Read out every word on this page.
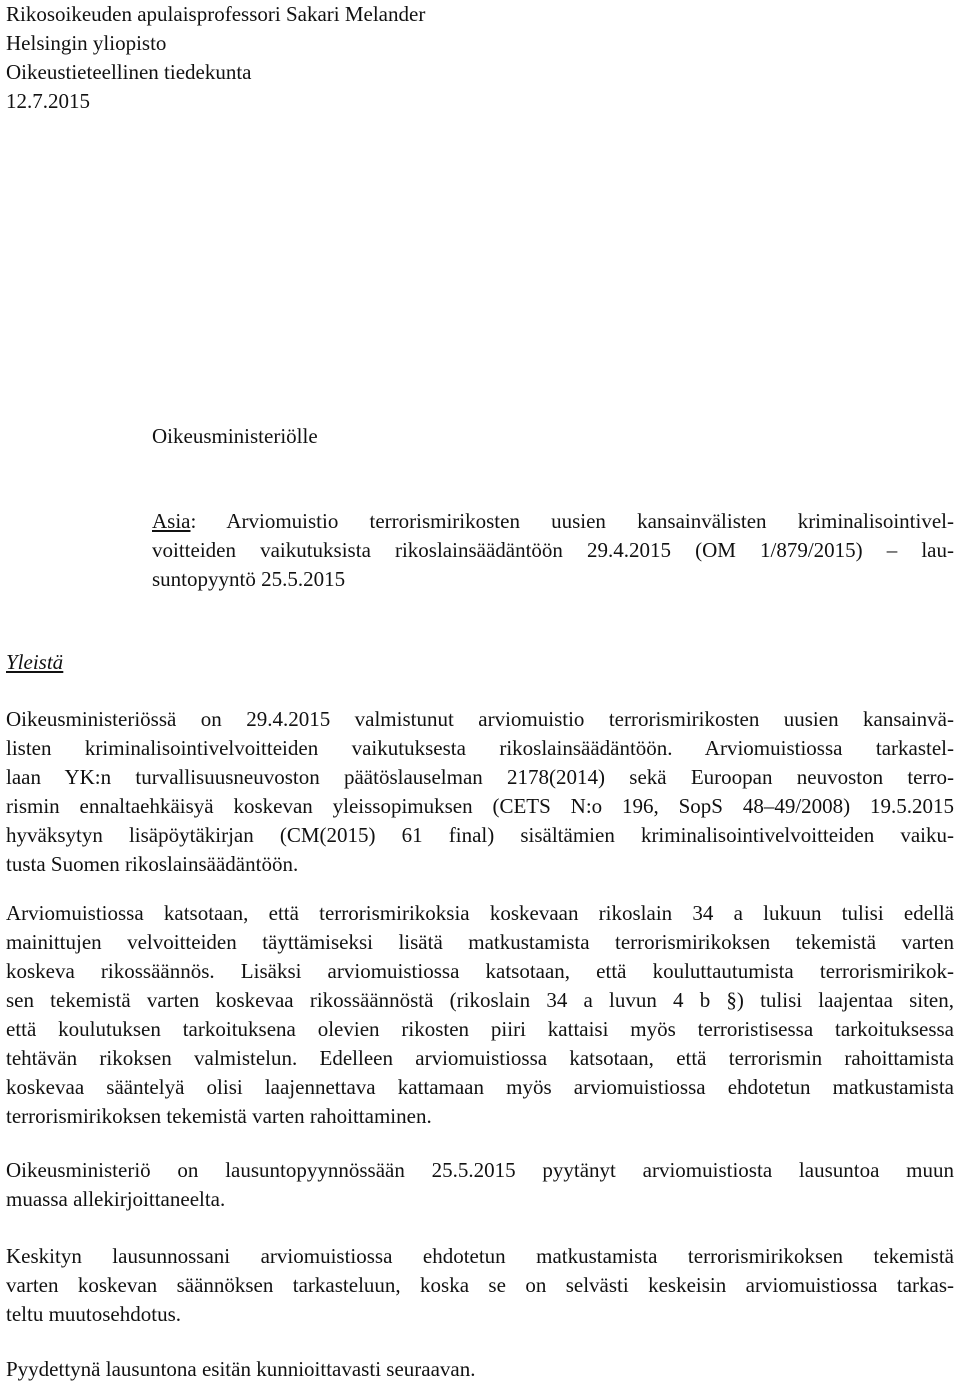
Rikosoikeuden apulaisprofessori Sakari Melander
Helsingin yliopisto
Oikeustieteellinen tiedekunta
12.7.2015
Oikeusministeriölle
Asia: Arviomuistio terrorismirikosten uusien kansainvälisten kriminalisointivel-
voitteiden vaikutuksista rikoslainsäädäntöön 29.4.2015 (OM 1/879/2015) – lau-
suntopyyntö 25.5.2015
Yleistä
Oikeusministeriössä on 29.4.2015 valmistunut arviomuistio terrorismirikosten uusien kansainvä-
listen kriminalisointivelvoitteiden vaikutuksesta rikoslainsäädäntöön. Arviomuistiossa tarkastel-
laan YK:n turvallisuusneuvoston päätöslauselman 2178(2014) sekä Euroopan neuvoston terro-
rismin ennaltaehkäisyä koskevan yleissopimuksen (CETS N:o 196, SopS 48–49/2008) 19.5.2015
hyväksytyn lisäpöytäkirjan (CM(2015) 61 final) sisältämien kriminalisointivelvoitteiden vaiku-
tusta Suomen rikoslainsäädäntöön.
Arviomuistiossa katsotaan, että terrorismirikoksia koskevaan rikoslain 34 a lukuun tulisi edellä
mainittujen velvoitteiden täyttämiseksi lisätä matkustamista terrorismirikoksen tekemistä varten
koskeva rikossäännös. Lisäksi arviomuistiossa katsotaan, että kouluttautumista terrorismirikok-
sen tekemistä varten koskevaa rikossäännöstä (rikoslain 34 a luvun 4 b §) tulisi laajentaa siten,
että koulutuksen tarkoituksena olevien rikosten piiri kattaisi myös terroristisessa tarkoituksessa
tehtävän rikoksen valmistelun. Edelleen arviomuistiossa katsotaan, että terrorismin rahoittamista
koskevaa sääntelyä olisi laajennettava kattamaan myös arviomuistiossa ehdotetun matkustamista
terrorismirikoksen tekemistä varten rahoittaminen.
Oikeusministeriö on lausuntopyynnössään 25.5.2015 pyytänyt arviomuistiosta lausuntoa muun
muassa allekirjoittaneelta.
Keskityn lausunnossani arviomuistiossa ehdotetun matkustamista terrorismirikoksen tekemistä
varten koskevan säännöksen tarkasteluun, koska se on selvästi keskeisin arviomuistiossa tarkas-
teltu muutosehdotus.
Pyydettynä lausuntona esitän kunnioittavasti seuraavan.
